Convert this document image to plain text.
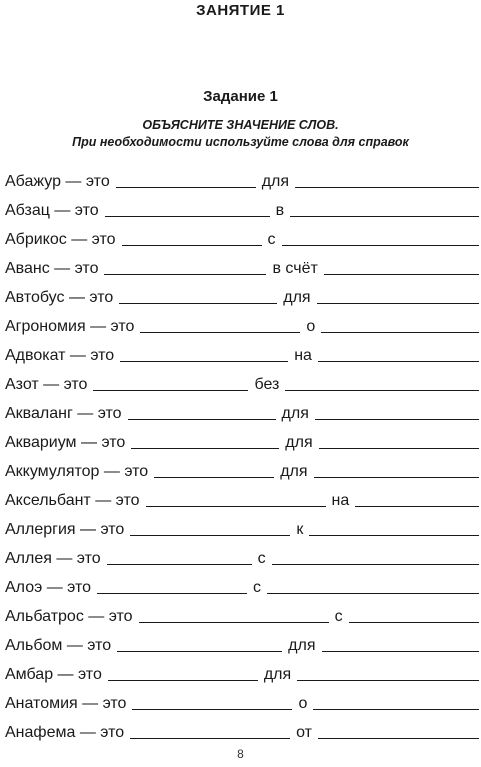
ЗАНЯТИЕ 1
Задание 1
ОБЪЯСНИТЕ ЗНАЧЕНИЕ СЛОВ.
При необходимости используйте слова для справок
Абажур — это	для
Абзац — это	в
Абрикос — это	с
Аванс — это	в счёт
Автобус — это	для
Агрономия — это	о
Адвокат — это	на
Азот — это	без
Акваланг — это	для
Аквариум — это	для
Аккумулятор — это	для
Аксельбант — это	на
Аллергия — это	к
Аллея — это	с
Алоэ — это	с
Альбатрос — это	с
Альбом — это	для
Амбар — это	для
Анатомия — это	о
Анафема — это	от
8
